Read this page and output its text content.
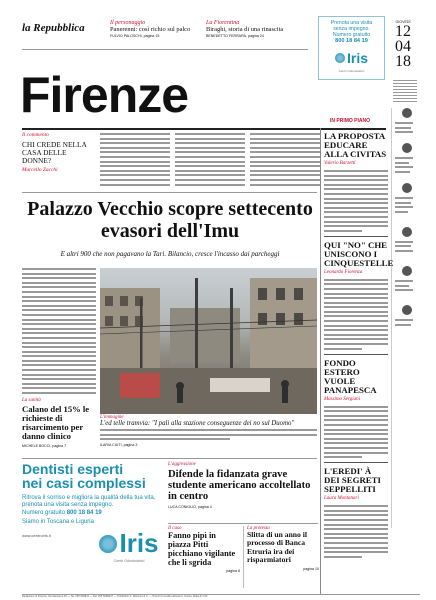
la Repubblica	Il personaggio
Panerenni: così richio sul palco
FULVIO PALOSCHI, pagina 15
La Fiorentina
Biraghi, storia di una rinascita
BENEDETTO FERRARA, pagina 24
Prenota una visita
senza impegno.
Numero gratuito
800 18 84 19
Iris
Centri Odontoiatrici
GIOVEDÌ
12
04
18
Firenze	IN PRIMO PIANO
Il commento
CHI CREDE NELLA CASA DELLE DONNE?
Marcello Zacchi
Palazzo Vecchio scopre settecento evasori dell'Imu
E altri 900 che non pagavano la Tari. Bilancio, cresce l'incasso dai parcheggi
L'immagine
L'ed telle tramvia: "I pali alla stazione conseguenze dei no sul Duomo"
ILARIA CIUTI, pagina 3
La sanità
Calano del 15% le richieste di risarcimento per danno clinico
MICHELE BOCCI, pagina 7
Dentisti esperti
nei casi complessi
Ritrova il sorriso e migliora la qualità della tua vita, prenota una visita senza impegno.
Numero gratuito 800 18 84 19
Siamo in Toscana e Liguria
www.centroiris.it	Iris
Centri Odontoiatrici
L'aggressione
Difende la fidanzata grave studente americano accoltellato in centro
LUCA CONIGLIO, pagina 4
Il caso
Fanno pipì in piazza Pitti picchiano vigilante che li sgrida
pagina 8
La protesta
Slitta di un anno il processo di Banca Etruria ira dei risparmiatori
pagina 10
LA PROPOSTA EDUCARE ALLA CIVITAS
Valerio Barzetti
QUI "NO" CHE UNISCONO I CINQUESTELLE
Leonardo Fiorenza
FONDO ESTERO VUOLE PANAPESCA
Massimo Sergiani
L'EREDI' À DEI SEGRETI SEPPELLITI
Laura Montanari
Redazione di Firenze: Via Alamanni 25 — Tel. 055 506811 — Fax 055 5068227 — Pubblicità: A. Manzoni & C. — Prezzi di vendita all'estero: Grecia, Malta € 2,50
